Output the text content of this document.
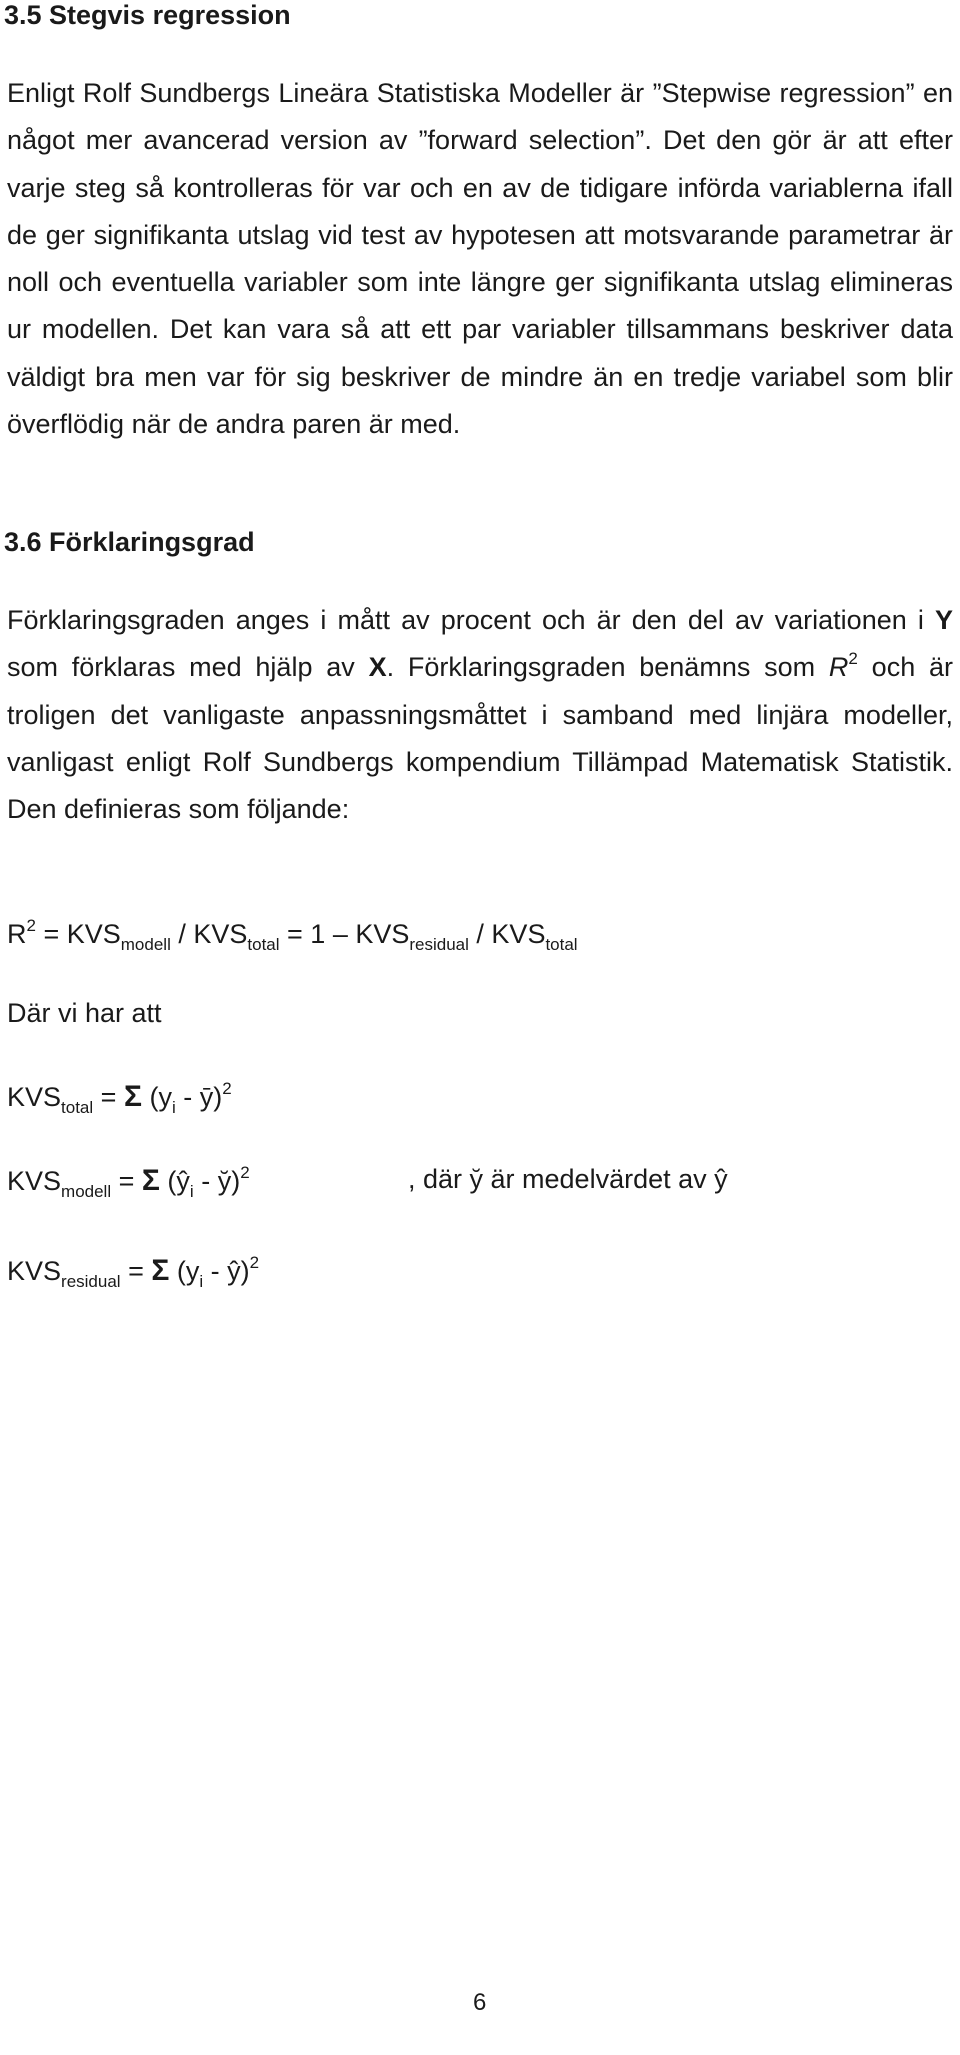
3.5 Stegvis regression

Enligt Rolf Sundbergs Lineära Statistiska Modeller är ”Stepwise regression” en något mer avancerad version av ”forward selection”. Det den gör är att efter varje steg så kontrolleras för var och en av de tidigare införda variablerna ifall de ger signifikanta utslag vid test av hypotesen att motsvarande parametrar är noll och eventuella variabler som inte längre ger signifikanta utslag elimineras ur modellen. Det kan vara så att ett par variabler tillsammans beskriver data väldigt bra men var för sig beskriver de mindre än en tredje variabel som blir överflödig när de andra paren är med.

3.6 Förklaringsgrad

Förklaringsgraden anges i mått av procent och är den del av variationen i Y som förklaras med hjälp av X. Förklaringsgraden benämns som $R^2$ och är troligen det vanligaste anpassningsmåttet i samband med linjära modeller, vanligast enligt Rolf Sundbergs kompendium Tillämpad Matematisk Statistik. Den definieras som följande:

$R^2 = KVS_{modell} / KVS_{total} = 1 - KVS_{residual} / KVS_{total}$
Där vi har att
$KVS_{total} = \Sigma$ ($y_i$ - ȳ)$^2$
$KVS_{modell} = \Sigma$ ($ŷ_i$ - y̆)$^2$	, där y̆ är medelvärdet av ŷ
$KVS_{residual} = \Sigma$ ($y_i$ - ŷ)$^2$
6
